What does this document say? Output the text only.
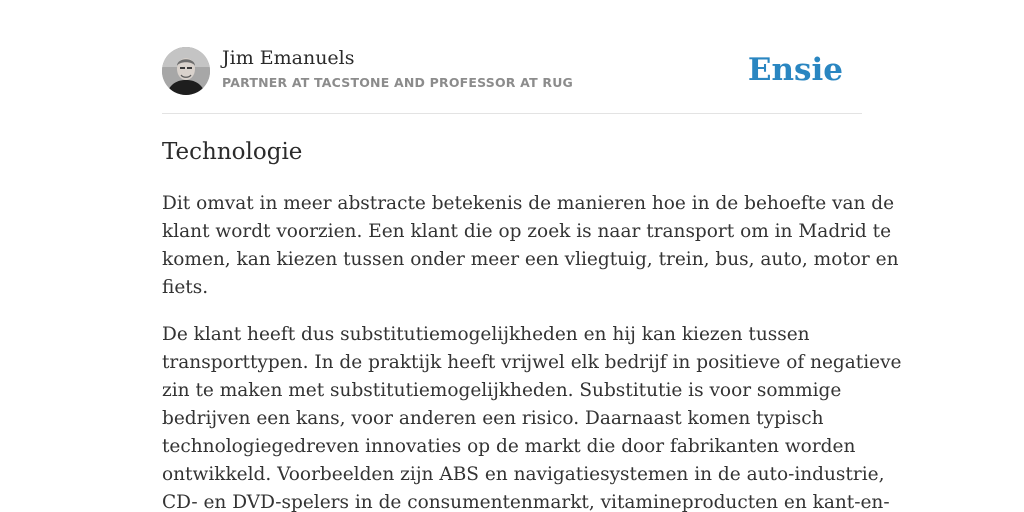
Jim Emanuels
PARTNER AT TACSTONE AND PROFESSOR AT RUG	Ensie
Technologie

Dit omvat in meer abstracte betekenis de manieren hoe in de behoefte van de
klant wordt voorzien. Een klant die op zoek is naar transport om in Madrid te
komen, kan kiezen tussen onder meer een vliegtuig, trein, bus, auto, motor en
fiets.

De klant heeft dus substitutiemogelijkheden en hij kan kiezen tussen
transporttypen. In de praktijk heeft vrijwel elk bedrijf in positieve of negatieve
zin te maken met substitutiemogelijkheden. Substitutie is voor sommige
bedrijven een kans, voor anderen een risico. Daarnaast komen typisch
technologiegedreven innovaties op de markt die door fabrikanten worden
ontwikkeld. Voorbeelden zijn ABS en navigatiesystemen in de auto-industrie,
CD- en DVD-spelers in de consumentenmarkt, vitamineproducten en kant-en-
